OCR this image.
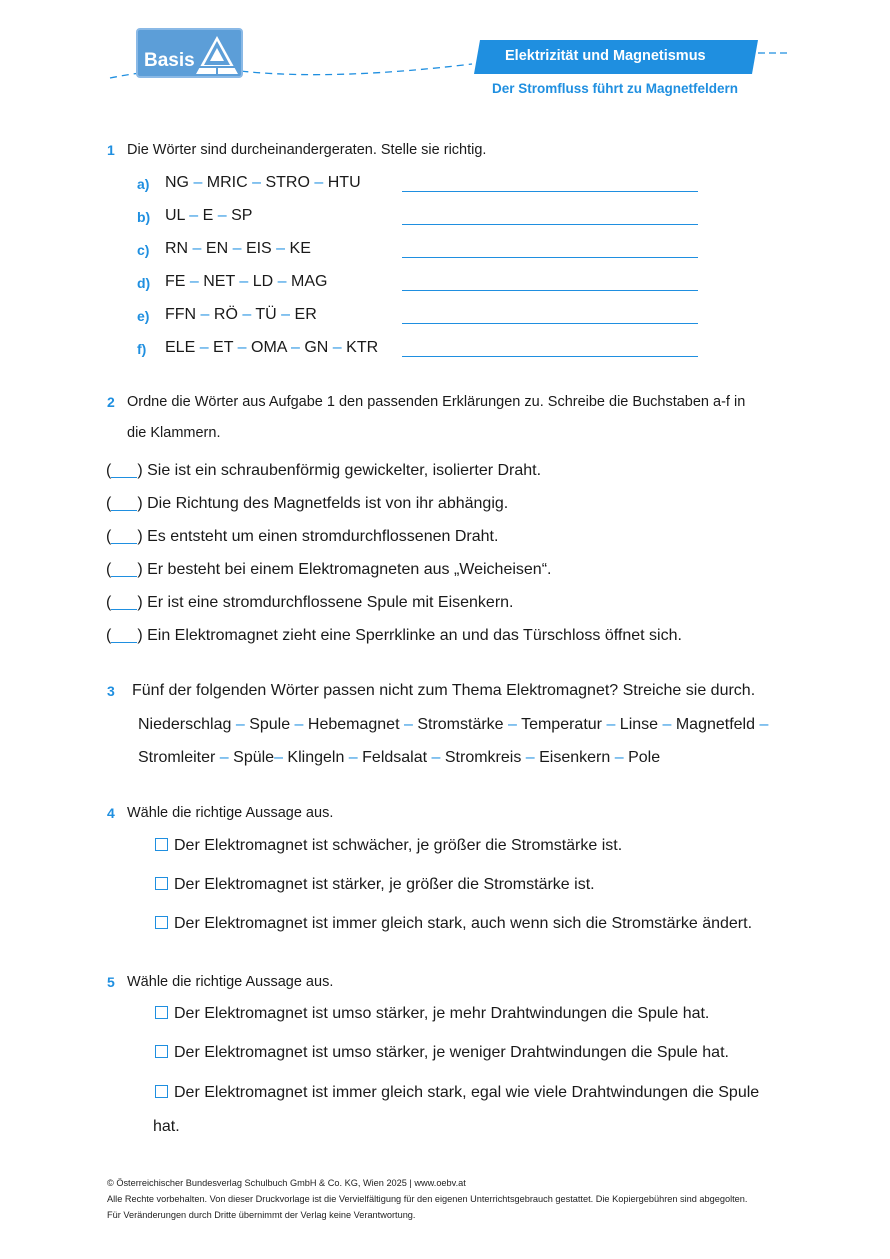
Basis	Elektrizität und Magnetismus
Der Stromfluss führt zu Magnetfeldern
1 Die Wörter sind durcheinandergeraten. Stelle sie richtig.
a) NG – MRIC – STRO – HTU
b) UL – E – SP
c) RN – EN – EIS – KE
d) FE – NET – LD – MAG
e) FFN – RÖ – TÜ – ER
f) ELE – ET – OMA – GN – KTR
2 Ordne die Wörter aus Aufgabe 1 den passenden Erklärungen zu. Schreibe die Buchstaben a-f in
die Klammern.
( ) Sie ist ein schraubenförmig gewickelter, isolierter Draht.
( ) Die Richtung des Magnetfelds ist von ihr abhängig.
( ) Es entsteht um einen stromdurchflossenen Draht.
( ) Er besteht bei einem Elektromagneten aus „Weicheisen“.
( ) Er ist eine stromdurchflossene Spule mit Eisenkern.
( ) Ein Elektromagnet zieht eine Sperrklinke an und das Türschloss öffnet sich.
3 Fünf der folgenden Wörter passen nicht zum Thema Elektromagnet? Streiche sie durch.
Niederschlag – Spule – Hebemagnet – Stromstärke – Temperatur – Linse – Magnetfeld –
Stromleiter – Spüle– Klingeln – Feldsalat – Stromkreis – Eisenkern – Pole
4 Wähle die richtige Aussage aus.
Der Elektromagnet ist schwächer, je größer die Stromstärke ist.
Der Elektromagnet ist stärker, je größer die Stromstärke ist.
Der Elektromagnet ist immer gleich stark, auch wenn sich die Stromstärke ändert.
5 Wähle die richtige Aussage aus.
Der Elektromagnet ist umso stärker, je mehr Drahtwindungen die Spule hat.
Der Elektromagnet ist umso stärker, je weniger Drahtwindungen die Spule hat.
Der Elektromagnet ist immer gleich stark, egal wie viele Drahtwindungen die Spule
hat.
© Österreichischer Bundesverlag Schulbuch GmbH & Co. KG, Wien 2025 | www.oebv.at
Alle Rechte vorbehalten. Von dieser Druckvorlage ist die Vervielfältigung für den eigenen Unterrichtsgebrauch gestattet. Die Kopiergebühren sind abgegolten.
Für Veränderungen durch Dritte übernimmt der Verlag keine Verantwortung.
